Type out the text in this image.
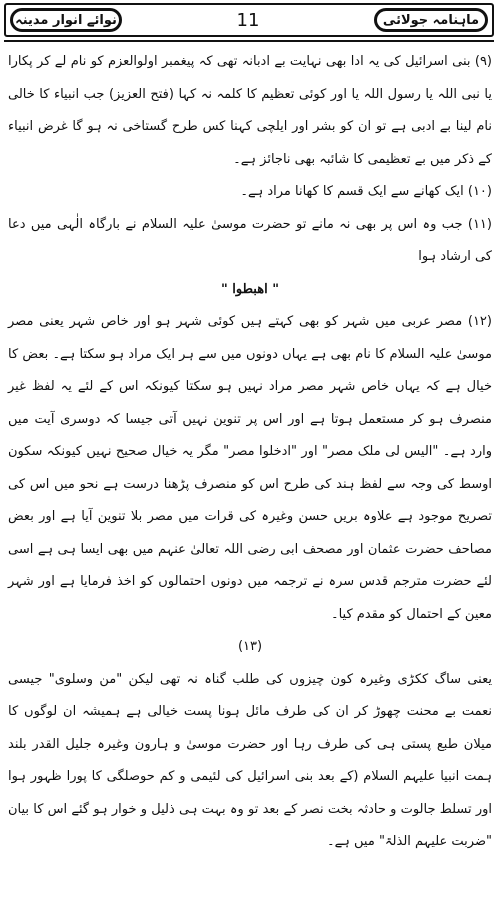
نوائے انوار مدینہ	11	ماہنامہ جولائی

(۹) بنی اسرائیل کی یہ ادا بھی نہایت بے ادبانہ تھی کہ پیغمبر اولوالعزم کو نام لے کر پکارا یا نبی اللہ یا رسول اللہ یا اور کوئی تعظیم کا کلمہ نہ کہا (فتح العزیز) جب انبیاء کا خالی نام لینا بے ادبی ہے تو ان کو بشر اور ایلچی کہنا کس طرح گستاخی نہ ہو گا غرض انبیاء کے ذکر میں بے تعظیمی کا شائبہ بھی ناجائز ہے۔

(۱۰) ایک کھانے سے ایک قسم کا کھانا مراد ہے۔

(۱۱) جب وہ اس پر بھی نہ مانے تو حضرت موسیٰ علیہ السلام نے بارگاہ الٰہی میں دعا کی ارشاد ہوا

" اهبطوا "

(۱۲) مصر عربی میں شہر کو بھی کہتے ہیں کوئی شہر ہو اور خاص شہر یعنی مصر موسیٰ علیہ السلام کا نام بھی ہے یہاں دونوں میں سے ہر ایک مراد ہو سکتا ہے۔ بعض کا خیال ہے کہ یہاں خاص شہر مصر مراد نہیں ہو سکتا کیونکہ اس کے لئے یہ لفظ غیر منصرف ہو کر مستعمل ہوتا ہے اور اس پر تنوین نہیں آتی جیسا کہ دوسری آیت میں وارد ہے۔ "الیس لی ملک مصر" اور "ادخلوا مصر" مگر یہ خیال صحیح نہیں کیونکہ سکون اوسط کی وجہ سے لفظ ہند کی طرح اس کو منصرف پڑھنا درست ہے نحو میں اس کی تصریح موجود ہے علاوہ بریں حسن وغیرہ کی قرات میں مصر بلا تنوین آیا ہے اور بعض مصاحف حضرت عثمان اور مصحف ابی رضی اللہ تعالیٰ عنہم میں بھی ایسا ہی ہے اسی لئے حضرت مترجم قدس سرہ نے ترجمہ میں دونوں احتمالوں کو اخذ فرمایا ہے اور شہر معین کے احتمال کو مقدم کیا۔

(۱۳)

یعنی ساگ ککڑی وغیرہ کون چیزوں کی طلب گناہ نہ تھی لیکن "من وسلوی" جیسی نعمت بے محنت چھوڑ کر ان کی طرف مائل ہونا پست خیالی ہے ہمیشہ ان لوگوں کا میلان طبع پستی ہی کی طرف رہا اور حضرت موسیٰ و ہارون وغیرہ جلیل القدر بلند ہمت انبیا علیہم السلام (کے بعد بنی اسرائیل کی لئیمی و کم حوصلگی کا پورا ظہور ہوا اور تسلط جالوت و حادثہ بخت نصر کے بعد تو وہ بہت ہی ذلیل و خوار ہو گئے اس کا بیان "ضربت علیہم الذلۃ" میں ہے۔
